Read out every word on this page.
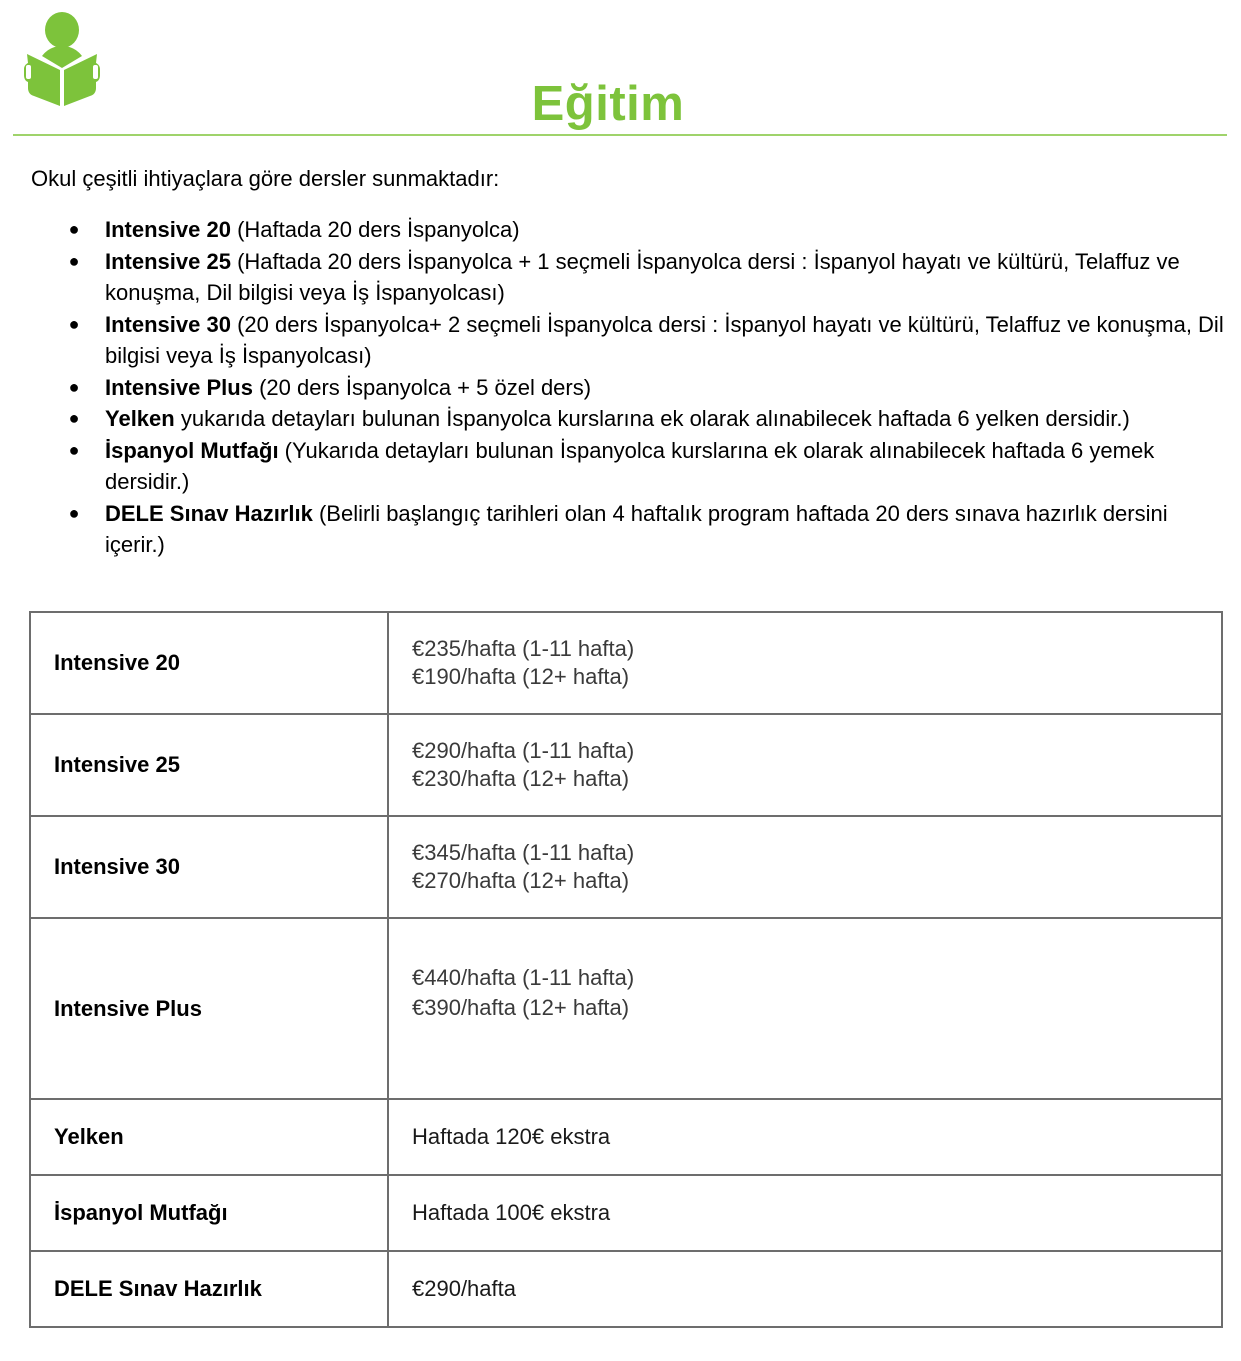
Eğitim
Okul çeşitli ihtiyaçlara göre dersler sunmaktadır:
● Intensive 20 (Haftada 20 ders İspanyolca)
● Intensive 25 (Haftada 20 ders İspanyolca + 1 seçmeli İspanyolca dersi : İspanyol hayatı ve kültürü, Telaffuz ve konuşma, Dil bilgisi veya İş İspanyolcası)
● Intensive 30 (20 ders İspanyolca+ 2 seçmeli İspanyolca dersi : İspanyol hayatı ve kültürü, Telaffuz ve konuşma, Dil bilgisi veya İş İspanyolcası)
● Intensive Plus (20 ders İspanyolca + 5 özel ders)
● Yelken yukarıda detayları bulunan İspanyolca kurslarına ek olarak alınabilecek haftada 6 yelken dersidir.)
● İspanyol Mutfağı (Yukarıda detayları bulunan İspanyolca kurslarına ek olarak alınabilecek haftada 6 yemek dersidir.)
● DELE Sınav Hazırlık (Belirli başlangıç tarihleri olan 4 haftalık program haftada 20 ders sınava hazırlık dersini içerir.)
Intensive 20	€235/hafta (1-11 hafta)
€190/hafta (12+ hafta)

Intensive 25	€290/hafta (1-11 hafta)
€230/hafta (12+ hafta)

Intensive 30	€345/hafta (1-11 hafta)
€270/hafta (12+ hafta)

Intensive Plus	€440/hafta (1-11 hafta)
€390/hafta (12+ hafta)

Yelken	Haftada 120€ ekstra

İspanyol Mutfağı	Haftada 100€ ekstra

DELE Sınav Hazırlık	€290/hafta
